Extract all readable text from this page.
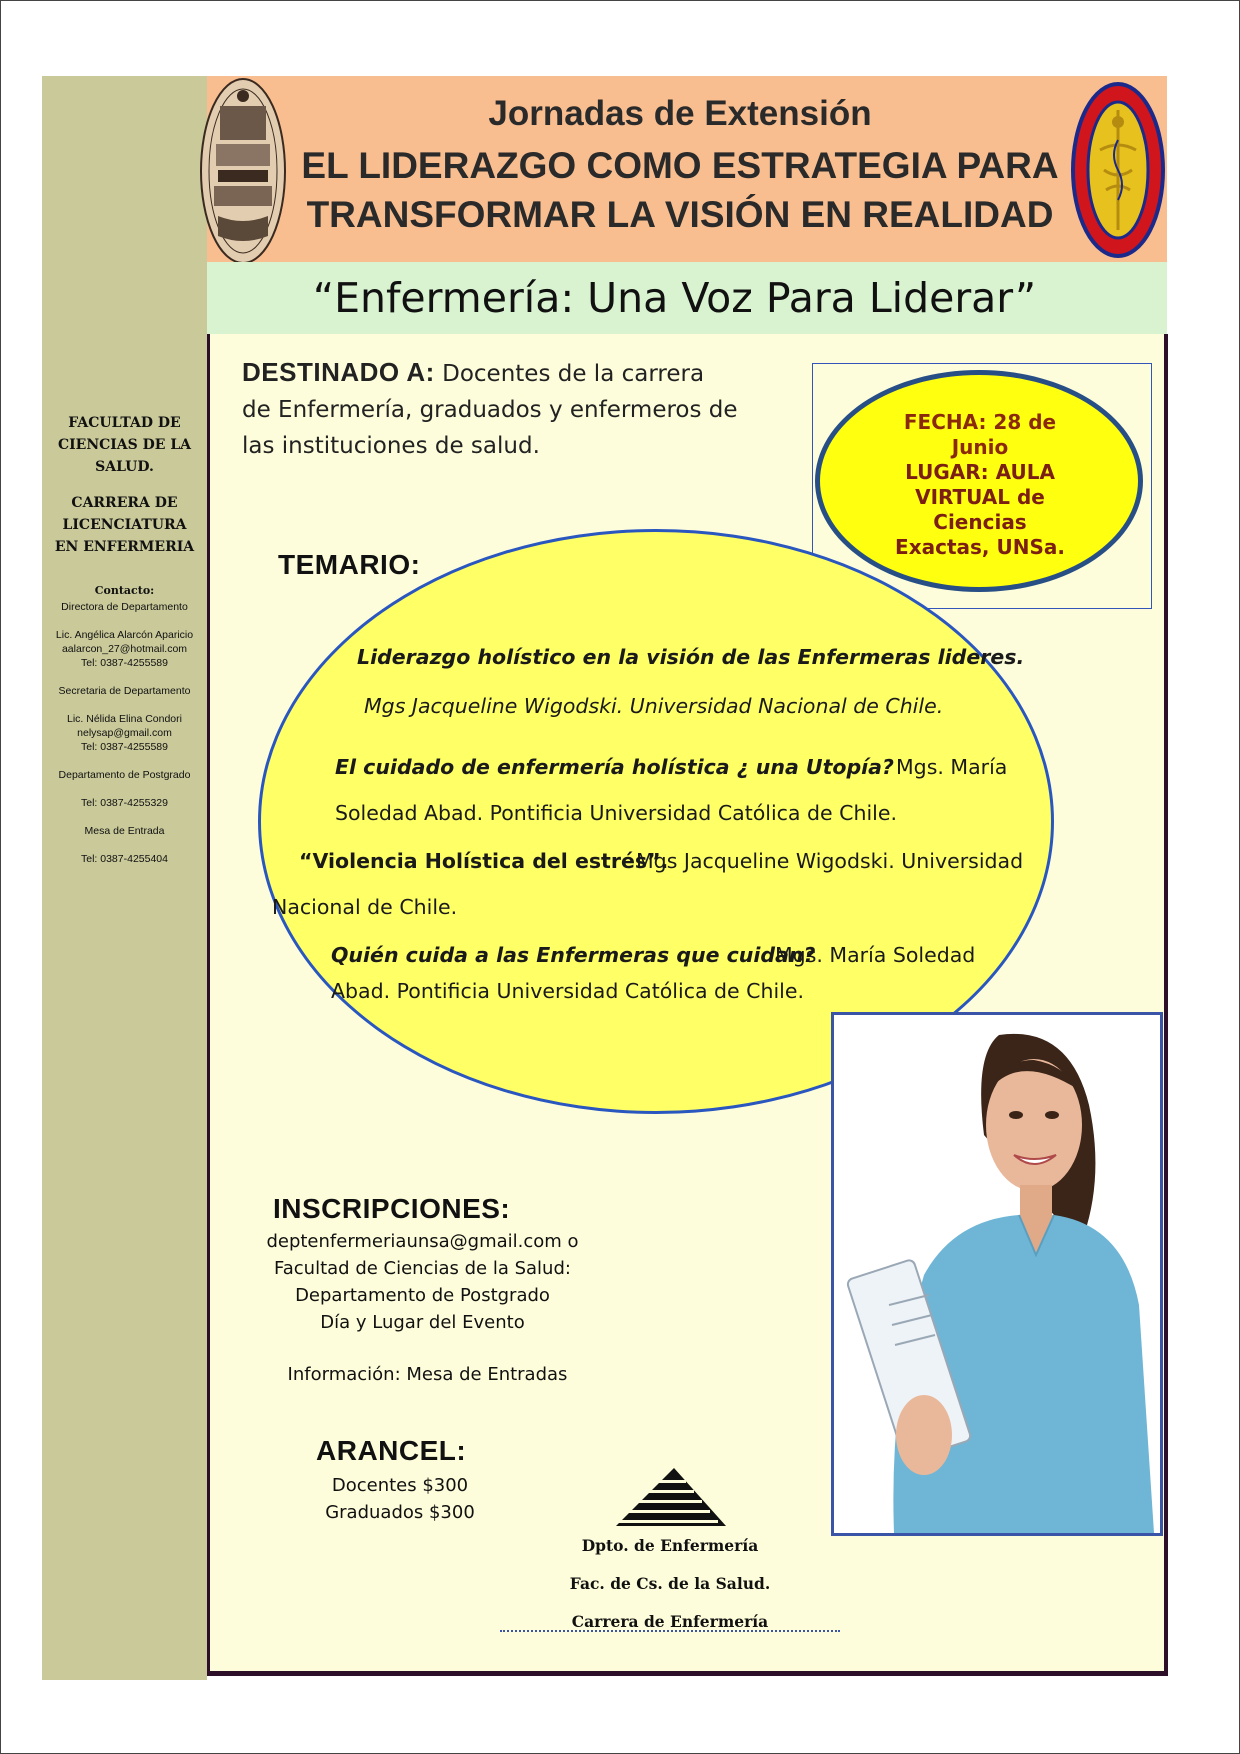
FACULTAD DE
CIENCIAS DE LA
SALUD.
CARRERA DE
LICENCIATURA
EN ENFERMERIA
Contacto:
Directora de Departamento
Lic. Angélica Alarcón Aparicio
aalarcon_27@hotmail.com
Tel: 0387-4255589
Secretaria de Departamento
Lic. Nélida Elina Condori
nelysap@gmail.com
Tel: 0387-4255589
Departamento de Postgrado
Tel: 0387-4255329
Mesa de Entrada
Tel: 0387-4255404
Jornadas de Extensión
EL LIDERAZGO COMO ESTRATEGIA PARA
TRANSFORMAR LA VISIÓN EN REALIDAD
“Enfermería: Una Voz Para Liderar”
DESTINADO A: Docentes de la carrera
de Enfermería, graduados y enfermeros de
las instituciones de salud.
FECHA: 28 de
Junio
LUGAR: AULA
VIRTUAL de
Ciencias
Exactas, UNSa.
TEMARIO:
Liderazgo holístico en la visión de las Enfermeras lideres.
Mgs Jacqueline Wigodski. Universidad Nacional de Chile.
El cuidado de enfermería holística ¿ una Utopía? Mgs. María
Soledad Abad. Pontificia Universidad Católica de Chile.
“Violencia Holística del estrés”.
Mgs Jacqueline Wigodski. Universidad
Nacional de Chile.
Quién cuida a las Enfermeras que cuidan?
Mgs. María Soledad
Abad. Pontificia Universidad Católica de Chile.
INSCRIPCIONES:
deptenfermeriaunsa@gmail.com o
Facultad de Ciencias de la Salud:
Departamento de Postgrado
Día y Lugar del Evento
Información: Mesa de Entradas
ARANCEL:
Docentes $300
Graduados $300
Dpto. de Enfermería
Fac. de Cs. de la Salud.
Carrera de Enfermería
